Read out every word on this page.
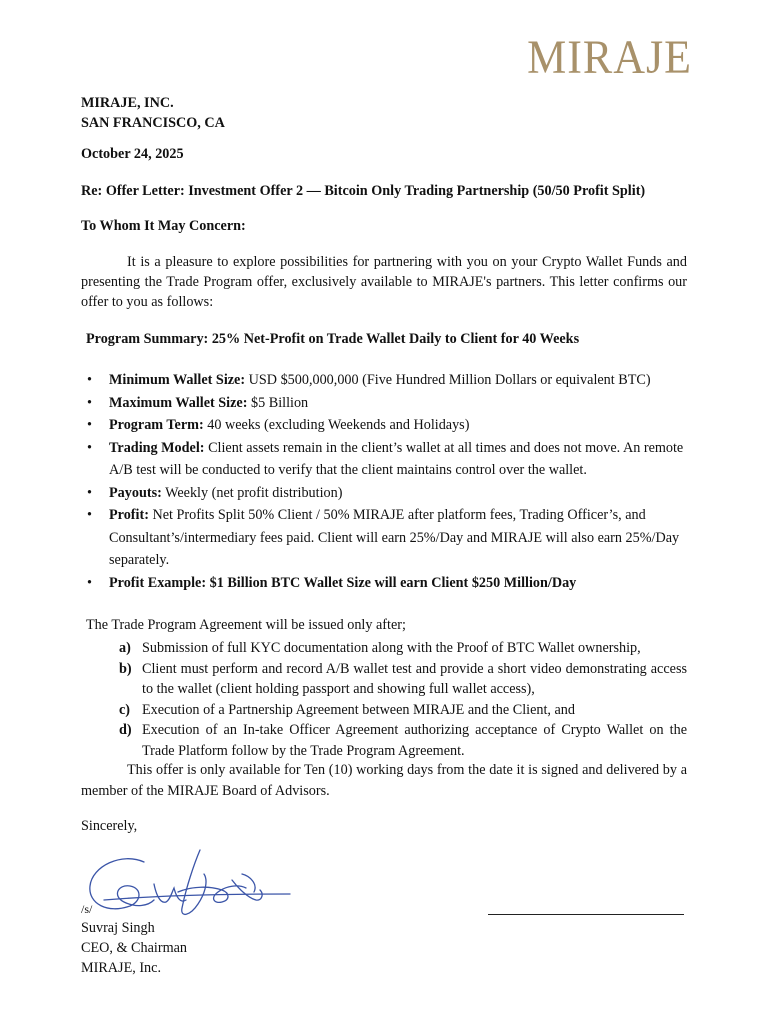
MIRAJE
MIRAJE, INC.
SAN FRANCISCO, CA
October 24, 2025
Re: Offer Letter: Investment Offer 2 — Bitcoin Only Trading Partnership (50/50 Profit Split)
To Whom It May Concern:
It is a pleasure to explore possibilities for partnering with you on your Crypto Wallet Funds and presenting the Trade Program offer, exclusively available to MIRAJE's partners. This letter confirms our offer to you as follows:
Program Summary: 25% Net-Profit on Trade Wallet Daily to Client for 40 Weeks
• Minimum Wallet Size: USD $500,000,000 (Five Hundred Million Dollars or equivalent BTC)
• Maximum Wallet Size: $5 Billion
• Program Term: 40 weeks (excluding Weekends and Holidays)
• Trading Model: Client assets remain in the client’s wallet at all times and does not move. An remote A/B test will be conducted to verify that the client maintains control over the wallet.
• Payouts: Weekly (net profit distribution)
• Profit: Net Profits Split 50% Client / 50% MIRAJE after platform fees, Trading Officer’s, and Consultant’s/intermediary fees paid. Client will earn 25%/Day and MIRAJE will also earn 25%/Day separately.
• Profit Example: $1 Billion BTC Wallet Size will earn Client $250 Million/Day
The Trade Program Agreement will be issued only after;
a) Submission of full KYC documentation along with the Proof of BTC Wallet ownership,
b) Client must perform and record A/B wallet test and provide a short video demonstrating access to the wallet (client holding passport and showing full wallet access),
c) Execution of a Partnership Agreement between MIRAJE and the Client, and
d) Execution of an In-take Officer Agreement authorizing acceptance of Crypto Wallet on the Trade Platform follow by the Trade Program Agreement.
This offer is only available for Ten (10) working days from the date it is signed and delivered by a member of the MIRAJE Board of Advisors.
Sincerely,
/s/
Suvraj Singh
CEO, & Chairman
MIRAJE, Inc.
